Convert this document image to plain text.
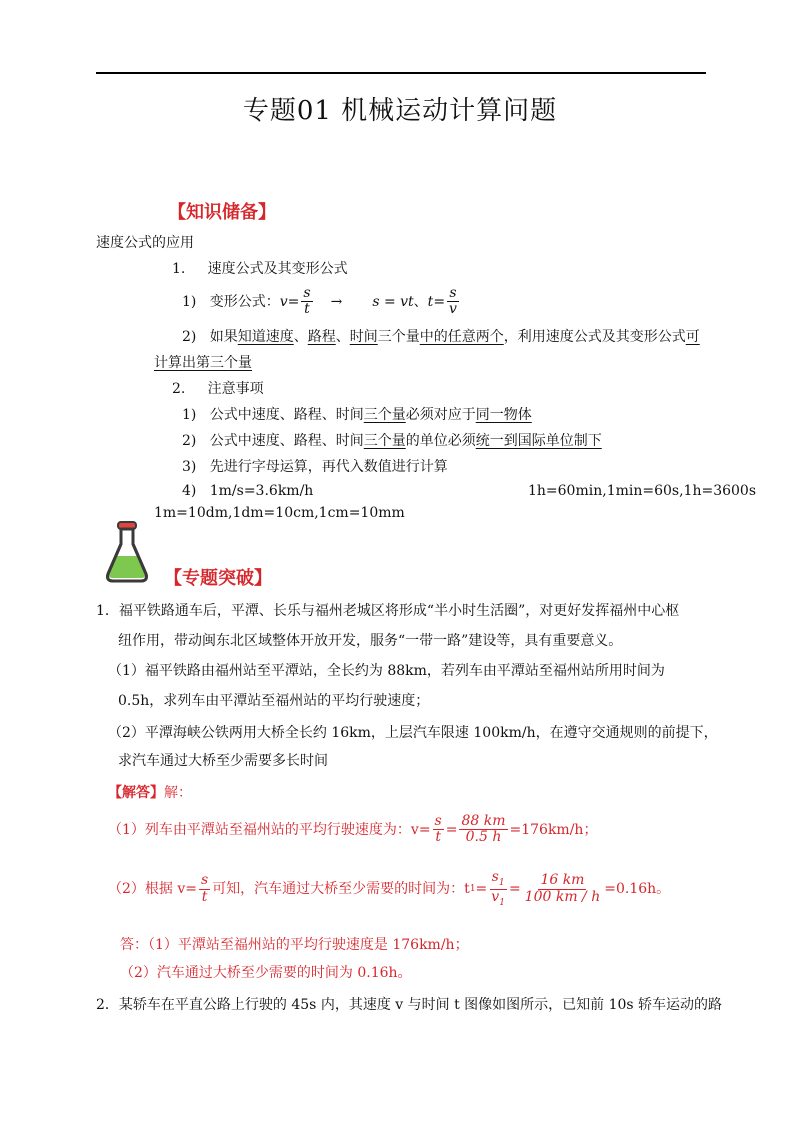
专题01 机械运动计算问题
【知识储备】
速度公式的应用
1. 速度公式及其变形公式
1)
变形公式： $v = \frac{s}{t} \to s$ = vt 、 $t = \frac{s}{v}$
2) 如果知道速度、路程、时间三个量中的任意两个，利用速度公式及其变形公式可
计算出第三个量
2. 注意事项
1) 公式中速度、路程、时间三个量必须对应于同一物体
2) 公式中速度、路程、时间三个量的单位必须统一到国际单位制下
3) 先进行字母运算，再代入数值进行计算
4) 1m/s=3.6km/h	1h=60min,1min=60s,1h=3600s
1m=10dm,1dm=10cm,1cm=10mm
【专题突破】
1．福平铁路通车后，平潭、长乐与福州老城区将形成“半小时生活圈”，对更好发挥福州中心枢
纽作用，带动闽东北区域整体开放开发，服务“一带一路”建设等，具有重要意义。
（1）福平铁路由福州站至平潭站，全长约为 88km，若列车由平潭站至福州站所用时间为
0.5h，求列车由平潭站至福州站的平均行驶速度；
（2）平潭海峡公铁两用大桥全长约 16km，上层汽车限速 100km/h，在遵守交通规则的前提下，
求汽车通过大桥至少需要多长时间
【解答】解：
（1）列车由平潭站至福州站的平均行驶速度为：$v= \frac{s}{t} = \frac{88 km}{0.5 h} =176km/h$；
（2）根据 $v= \frac{s}{t}$ 可知，汽车通过大桥至少需要的时间为：t $1 = \frac{s_1}{v_1} = \frac{16 km}{100 km / h} =0.16h$。
答：（1）平潭站至福州站的平均行驶速度是 176km/h；
（2）汽车通过大桥至少需要的时间为 0.16h。
2．某轿车在平直公路上行驶的 45s 内，其速度 v 与时间 t 图像如图所示，已知前 10s 轿车运动的路
